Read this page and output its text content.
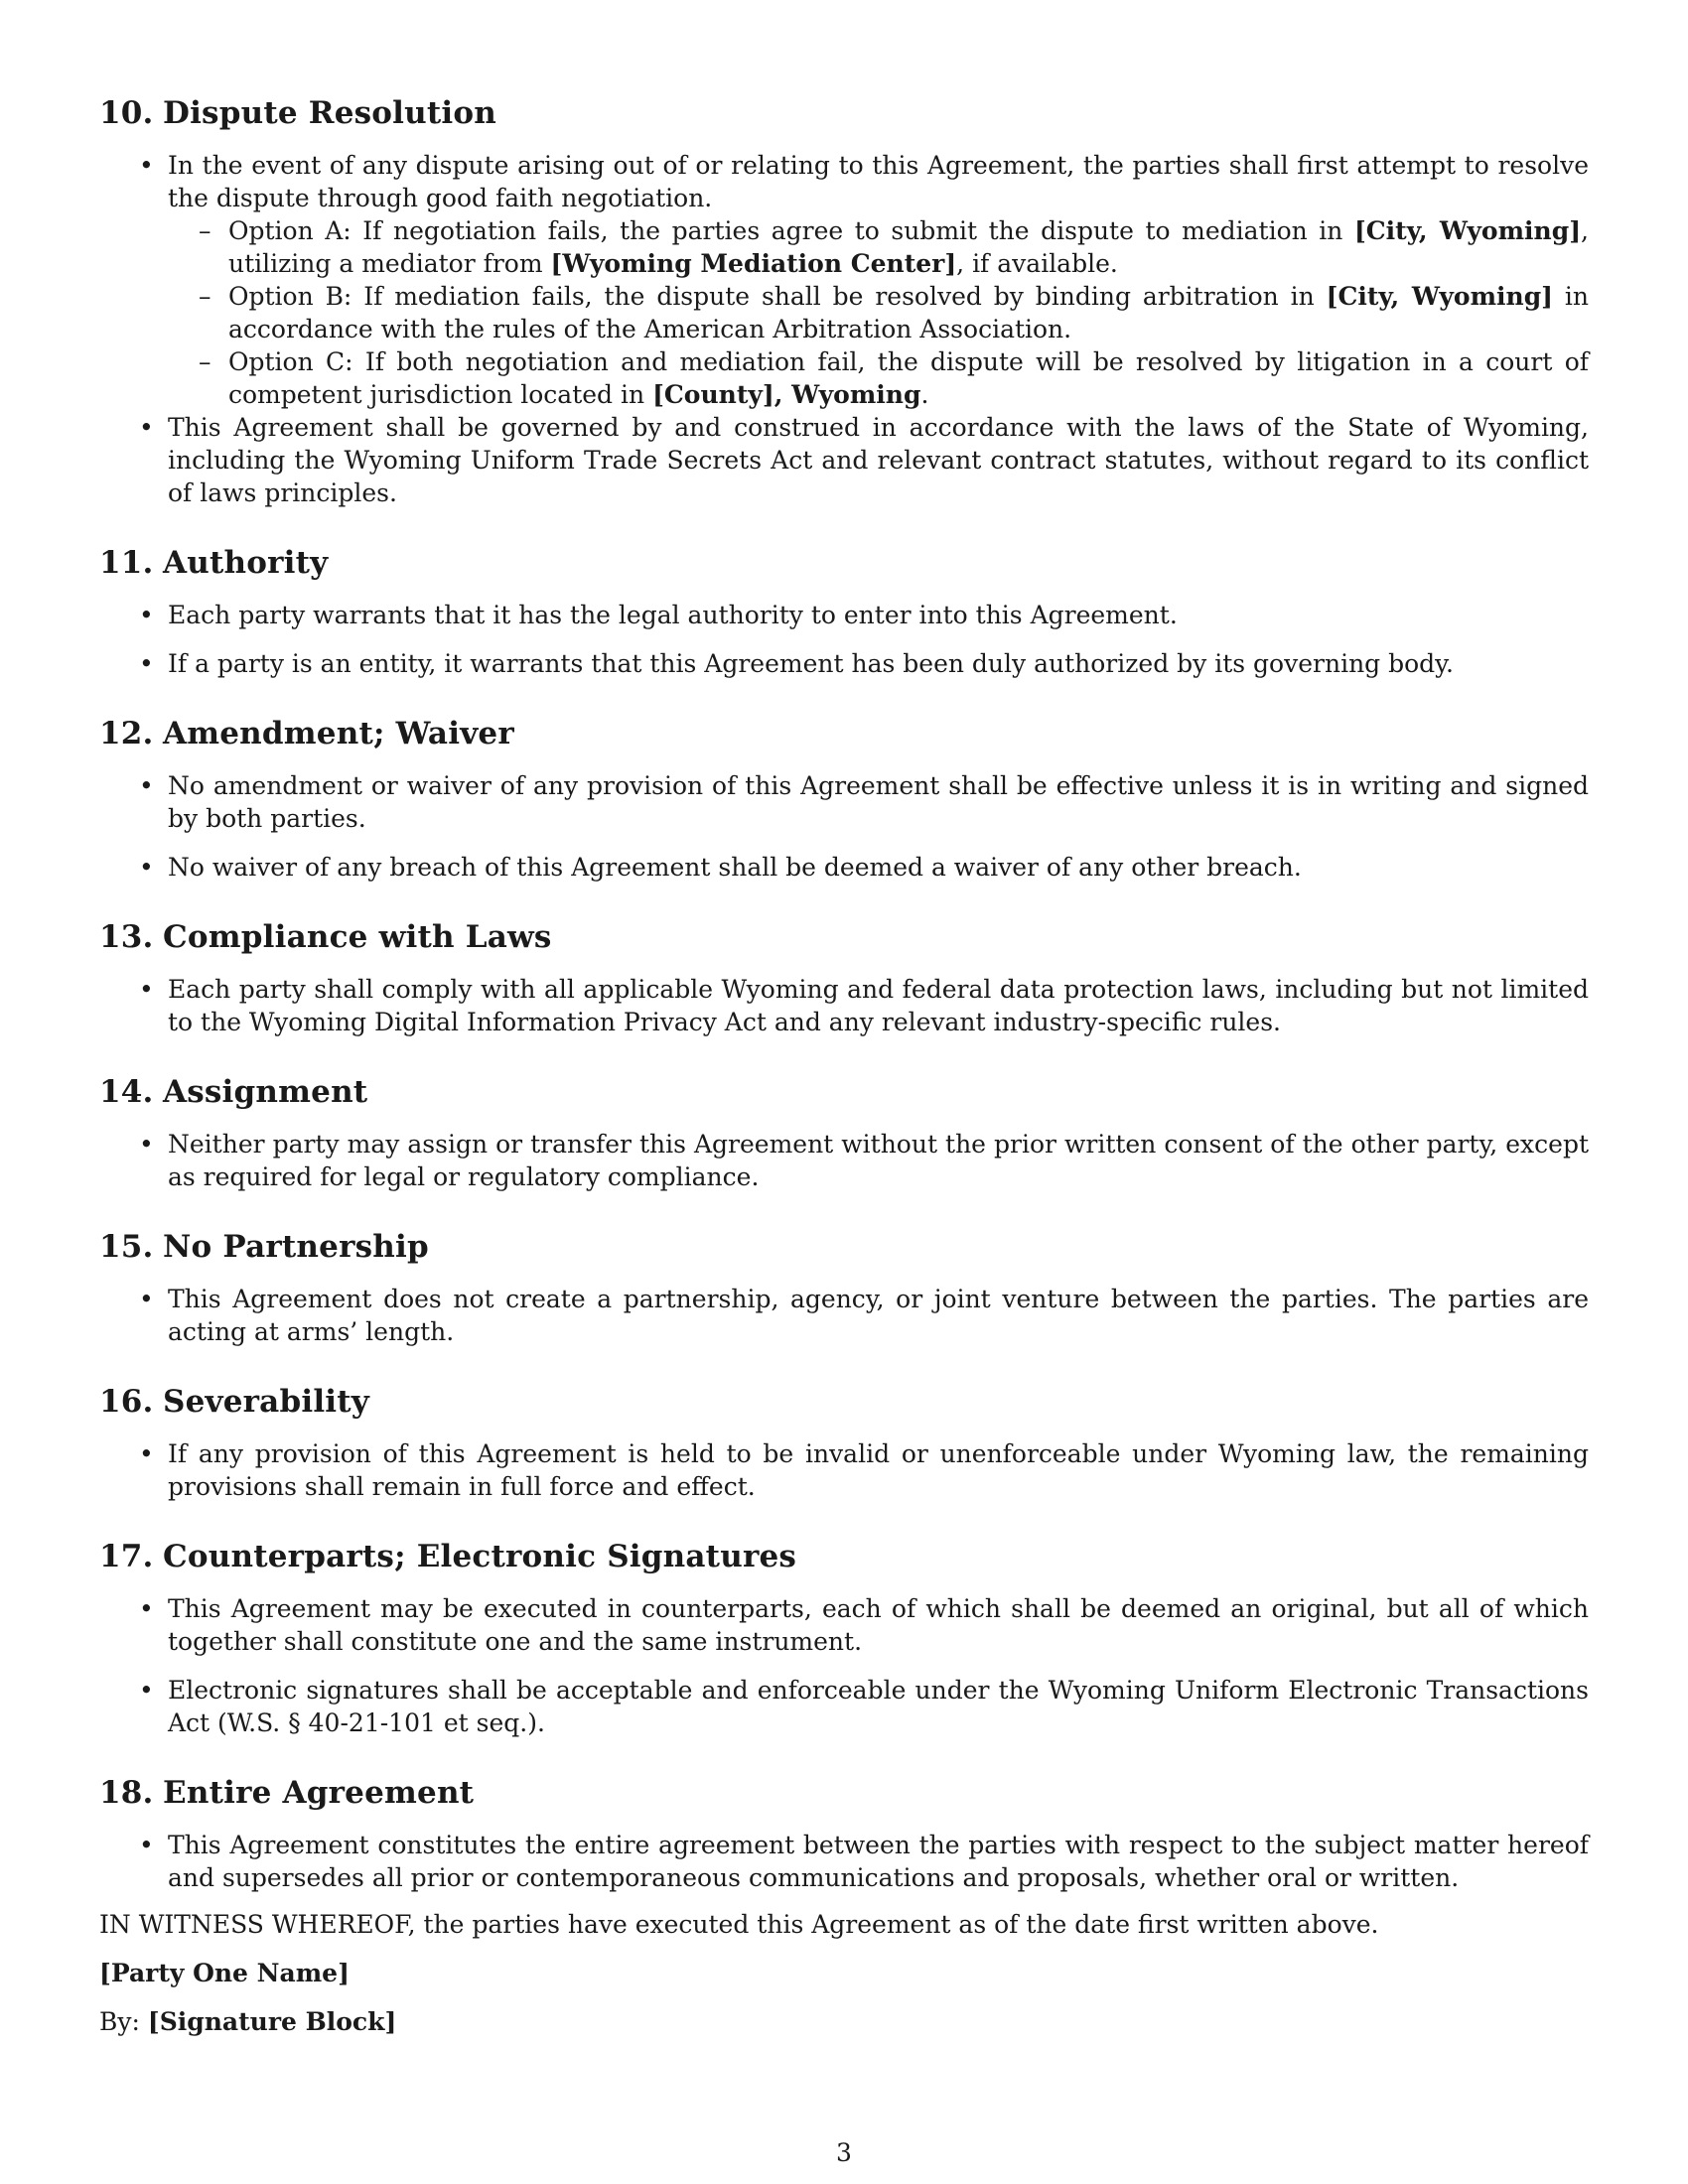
10. Dispute Resolution
• In the event of any dispute arising out of or relating to this Agreement, the parties shall first attempt to resolve the dispute through good faith negotiation.
– Option A: If negotiation fails, the parties agree to submit the dispute to mediation in [City, Wyoming], utilizing a mediator from [Wyoming Mediation Center], if available.
– Option B: If mediation fails, the dispute shall be resolved by binding arbitration in [City, Wyoming] in accordance with the rules of the American Arbitration Association.
– Option C: If both negotiation and mediation fail, the dispute will be resolved by litigation in a court of competent jurisdiction located in [County], Wyoming.
• This Agreement shall be governed by and construed in accordance with the laws of the State of Wyoming, including the Wyoming Uniform Trade Secrets Act and relevant contract statutes, without regard to its conflict of laws principles.
11. Authority
• Each party warrants that it has the legal authority to enter into this Agreement.
• If a party is an entity, it warrants that this Agreement has been duly authorized by its governing body.
12. Amendment; Waiver
• No amendment or waiver of any provision of this Agreement shall be effective unless it is in writing and signed by both parties.
• No waiver of any breach of this Agreement shall be deemed a waiver of any other breach.
13. Compliance with Laws
• Each party shall comply with all applicable Wyoming and federal data protection laws, including but not limited to the Wyoming Digital Information Privacy Act and any relevant industry-specific rules.
14. Assignment
• Neither party may assign or transfer this Agreement without the prior written consent of the other party, except as required for legal or regulatory compliance.
15. No Partnership
• This Agreement does not create a partnership, agency, or joint venture between the parties. The parties are acting at arms’ length.
16. Severability
• If any provision of this Agreement is held to be invalid or unenforceable under Wyoming law, the remaining provisions shall remain in full force and effect.
17. Counterparts; Electronic Signatures
• This Agreement may be executed in counterparts, each of which shall be deemed an original, but all of which together shall constitute one and the same instrument.
• Electronic signatures shall be acceptable and enforceable under the Wyoming Uniform Electronic Transactions Act (W.S. § 40-21-101 et seq.).
18. Entire Agreement
• This Agreement constitutes the entire agreement between the parties with respect to the subject matter hereof and supersedes all prior or contemporaneous communications and proposals, whether oral or written.

IN WITNESS WHEREOF, the parties have executed this Agreement as of the date first written above.

[Party One Name]

By: [Signature Block]

3
